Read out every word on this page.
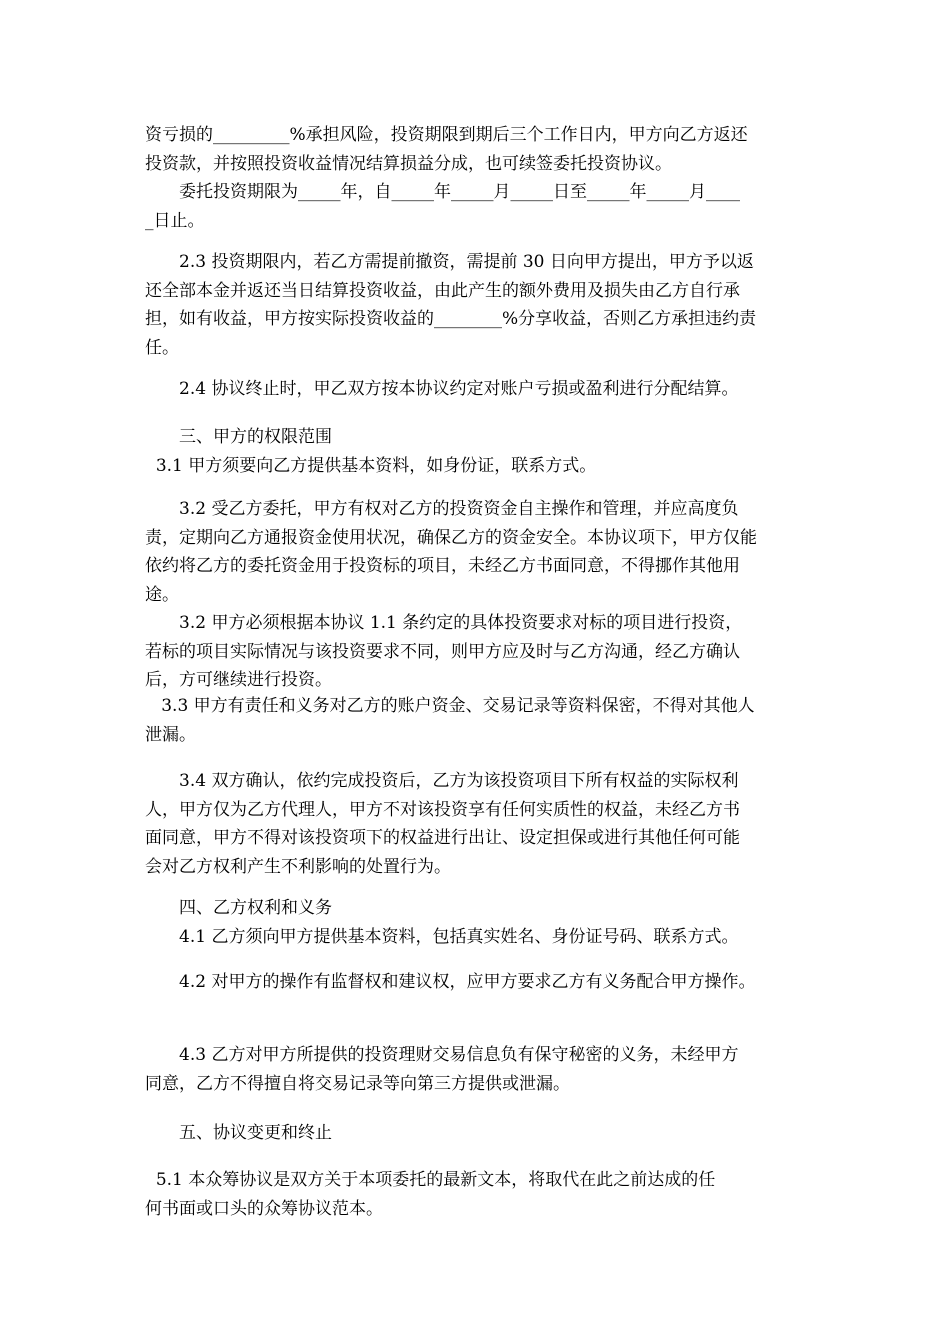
资亏损的_________%承担风险，投资期限到期后三个工作日内，甲方向乙方返还
投资款，并按照投资收益情况结算损益分成，也可续签委托投资协议。

　　委托投资期限为_____年，自_____年_____月_____日至_____年_____月____
_日止。

　　2.3 投资期限内，若乙方需提前撤资，需提前 30 日向甲方提出，甲方予以返
还全部本金并返还当日结算投资收益，由此产生的额外费用及损失由乙方自行承
担，如有收益，甲方按实际投资收益的________%分享收益，否则乙方承担违约责
任。

　　2.4 协议终止时，甲乙双方按本协议约定对账户亏损或盈利进行分配结算。

　　三、甲方的权限范围
3.1 甲方须要向乙方提供基本资料，如身份证，联系方式。

　　3.2 受乙方委托，甲方有权对乙方的投资资金自主操作和管理，并应高度负
责，定期向乙方通报资金使用状况，确保乙方的资金安全。本协议项下，甲方仅能
依约将乙方的委托资金用于投资标的项目，未经乙方书面同意，不得挪作其他用
途。
　　3.2 甲方必须根据本协议 1.1 条约定的具体投资要求对标的项目进行投资，
若标的项目实际情况与该投资要求不同，则甲方应及时与乙方沟通，经乙方确认
后，方可继续进行投资。

3.3 甲方有责任和义务对乙方的账户资金、交易记录等资料保密，不得对其他人
泄漏。

　　3.4 双方确认，依约完成投资后，乙方为该投资项目下所有权益的实际权利
人，甲方仅为乙方代理人，甲方不对该投资享有任何实质性的权益，未经乙方书
面同意，甲方不得对该投资项下的权益进行出让、设定担保或进行其他任何可能
会对乙方权利产生不利影响的处置行为。

　　四、乙方权利和义务
　　4.1 乙方须向甲方提供基本资料，包括真实姓名、身份证号码、联系方式。

　　4.2 对甲方的操作有监督权和建议权，应甲方要求乙方有义务配合甲方操作。

　　4.3 乙方对甲方所提供的投资理财交易信息负有保守秘密的义务，未经甲方
同意，乙方不得擅自将交易记录等向第三方提供或泄漏。

　　五、协议变更和终止

5.1 本众筹协议是双方关于本项委托的最新文本，将取代在此之前达成的任
何书面或口头的众筹协议范本。
